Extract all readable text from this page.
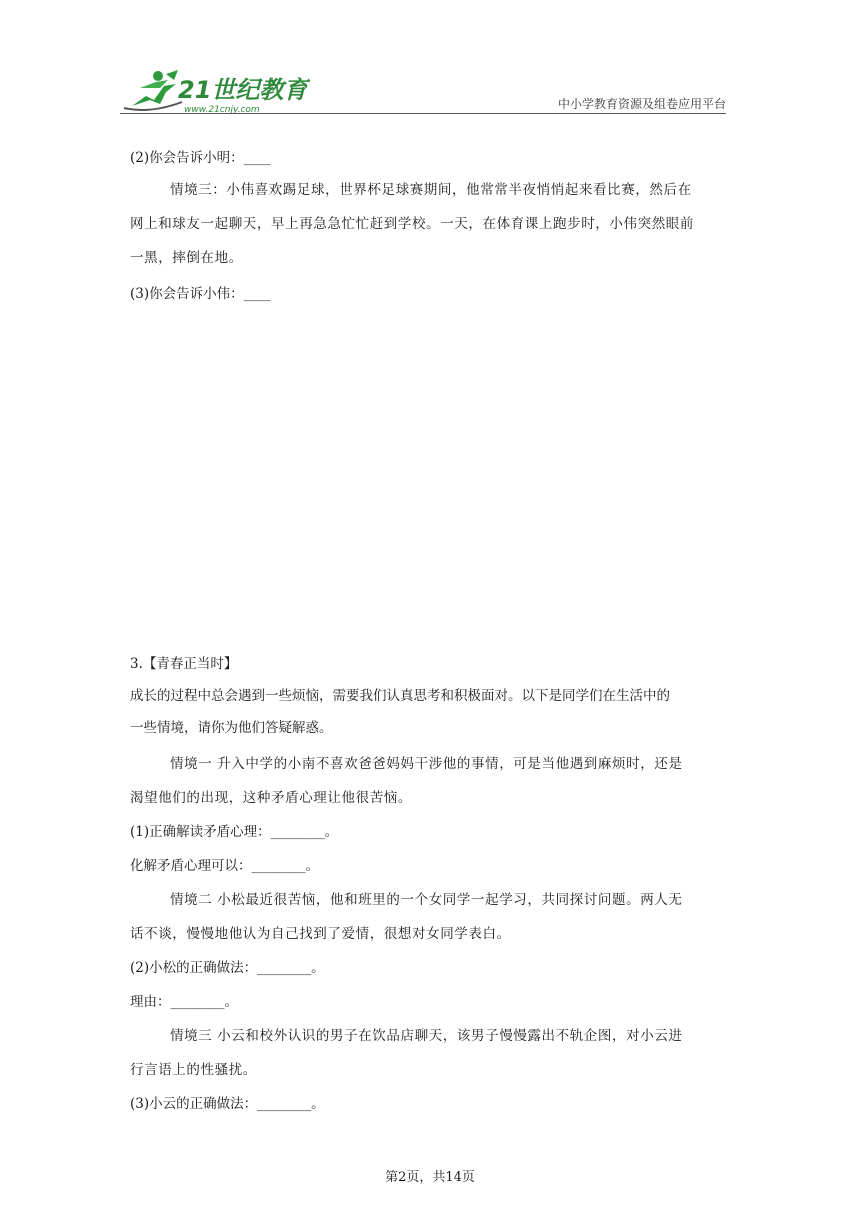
21世纪教育
www.21cnjy.com	中小学教育资源及组卷应用平台
(2)你会告诉小明：____
情境三：小伟喜欢踢足球，世界杯足球赛期间，他常常半夜悄悄起来看比赛，然后在
网上和球友一起聊天，早上再急急忙忙赶到学校。一天，在体育课上跑步时，小伟突然眼前
一黑，摔倒在地。
(3)你会告诉小伟：____
3.【青春正当时】
成长的过程中总会遇到一些烦恼，需要我们认真思考和积极面对。以下是同学们在生活中的
一些情境，请你为他们答疑解惑。
情境一 升入中学的小南不喜欢爸爸妈妈干涉他的事情，可是当他遇到麻烦时，还是
渴望他们的出现，这种矛盾心理让他很苦恼。
(1)正确解读矛盾心理：________。
化解矛盾心理可以：________。
情境二 小松最近很苦恼，他和班里的一个女同学一起学习，共同探讨问题。两人无
话不谈，慢慢地他认为自己找到了爱情，很想对女同学表白。
(2)小松的正确做法：________。
理由：________。
情境三 小云和校外认识的男子在饮品店聊天，该男子慢慢露出不轨企图，对小云进
行言语上的性骚扰。
(3)小云的正确做法：________。
第2页，共14页
